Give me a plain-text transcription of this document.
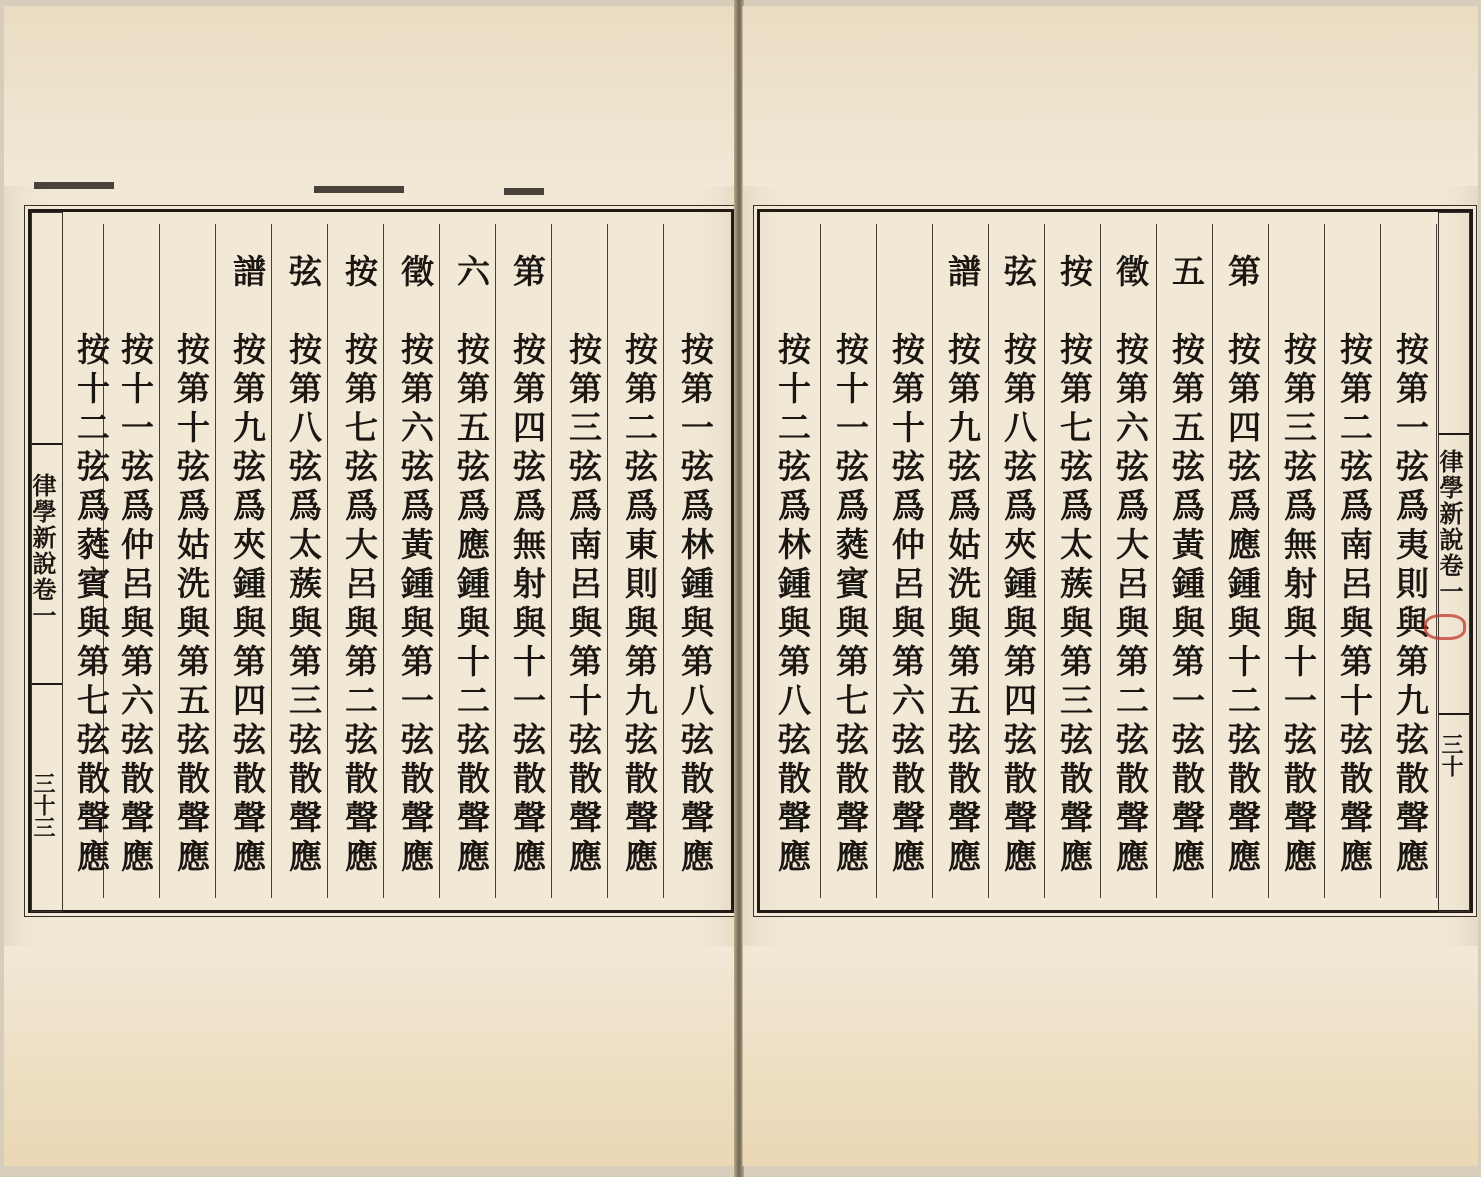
律學新說卷一
三十三	按第一弦爲林鍾與第八弦散聲應
按第二弦爲東則與第九弦散聲應
按第三弦爲南呂與第十弦散聲應
第
按第四弦爲無射與十一弦散聲應
六
按第五弦爲應鍾與十二弦散聲應
徵
按第六弦爲黃鍾與第一弦散聲應
按
按第七弦爲大呂與第二弦散聲應
弦
按第八弦爲太蔟與第三弦散聲應
譜
按第九弦爲夾鍾與第四弦散聲應
按第十弦爲姑洗與第五弦散聲應
按十一弦爲仲呂與第六弦散聲應
按十二弦爲蕤賓與第七弦散聲應	按第一弦爲夷則與第九弦散聲應
按第二弦爲南呂與第十弦散聲應
按第三弦爲無射與十一弦散聲應
第
按第四弦爲應鍾與十二弦散聲應
五
按第五弦爲黃鍾與第一弦散聲應
徵
按第六弦爲大呂與第二弦散聲應
按
按第七弦爲太蔟與第三弦散聲應
弦
按第八弦爲夾鍾與第四弦散聲應
譜
按第九弦爲姑洗與第五弦散聲應
按第十弦爲仲呂與第六弦散聲應
按十一弦爲蕤賓與第七弦散聲應
按十二弦爲林鍾與第八弦散聲應	律學新說卷一
三十
